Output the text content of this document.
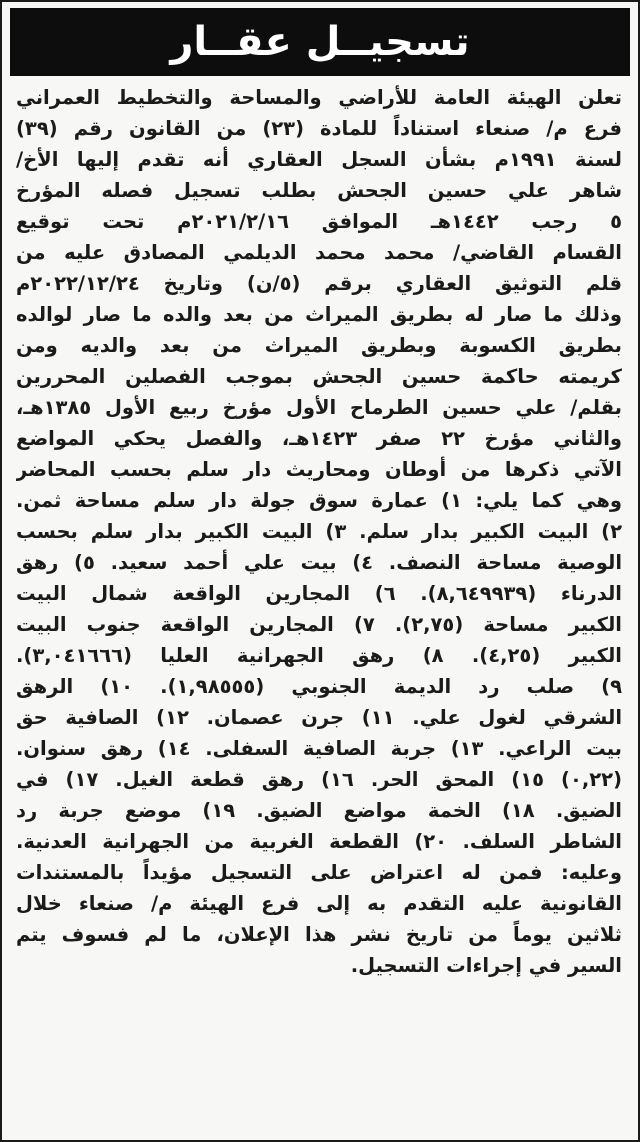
تسجيــل عقــار
تعلن الهيئة العامة للأراضي والمساحة والتخطيط العمراني
فرع م/ صنعاء استناداً للمادة (٢٣) من القانون رقم (٣٩)
لسنة ١٩٩١م بشأن السجل العقاري أنه تقدم إليها الأخ/
شاهر علي حسين الجحش بطلب تسجيل فصله المؤرخ
٥ رجب ١٤٤٢هـ الموافق ٢٠٢١/٢/١٦م تحت توقيع
القسام القاضي/ محمد محمد الديلمي المصادق عليه من
قلم التوثيق العقاري برقم (٥/ن) وتاريخ ٢٠٢٢/١٢/٢٤م
وذلك ما صار له بطريق الميراث من بعد والده ما صار لوالده
بطريق الكسوبة وبطريق الميراث من بعد والديه ومن
كريمته حاكمة حسين الجحش بموجب الفصلين المحررين
بقلم/ علي حسين الطرماح الأول مؤرخ ربيع الأول ١٣٨٥هـ،
والثاني مؤرخ ٢٢ صفر ١٤٢٣هـ، والفصل يحكي المواضع
الآتي ذكرها من أوطان ومحاريث دار سلم بحسب المحاضر
وهي كما يلي: ١) عمارة سوق جولة دار سلم مساحة ثمن.
٢) البيت الكبير بدار سلم. ٣) البيت الكبير بدار سلم بحسب
الوصية مساحة النصف. ٤) بيت علي أحمد سعيد. ٥) رهق
الدرناء (٨,٦٤٩٩٣٩). ٦) المجارين الواقعة شمال البيت
الكبير مساحة (٢,٧٥). ٧) المجارين الواقعة جنوب البيت
الكبير (٤,٢٥). ٨) رهق الجهرانية العليا (٣,٠٤١٦٦٦).
٩) صلب رد الديمة الجنوبي (١,٩٨٥٥٥). ١٠) الرهق
الشرقي لغول علي. ١١) جرن عصمان. ١٢) الصافية حق
بيت الراعي. ١٣) جربة الصافية السفلى. ١٤) رهق سنوان.
(٠,٢٢) ١٥) المحق الحر. ١٦) رهق قطعة الغيل. ١٧) في
الضيق. ١٨) الخمة مواضع الضيق. ١٩) موضع جربة رد
الشاطر السلف. ٢٠) القطعة الغربية من الجهرانية العدنية.
وعليه: فمن له اعتراض على التسجيل مؤيداً بالمستندات
القانونية عليه التقدم به إلى فرع الهيئة م/ صنعاء خلال
ثلاثين يوماً من تاريخ نشر هذا الإعلان، ما لم فسوف يتم
السير في إجراءات التسجيل.
